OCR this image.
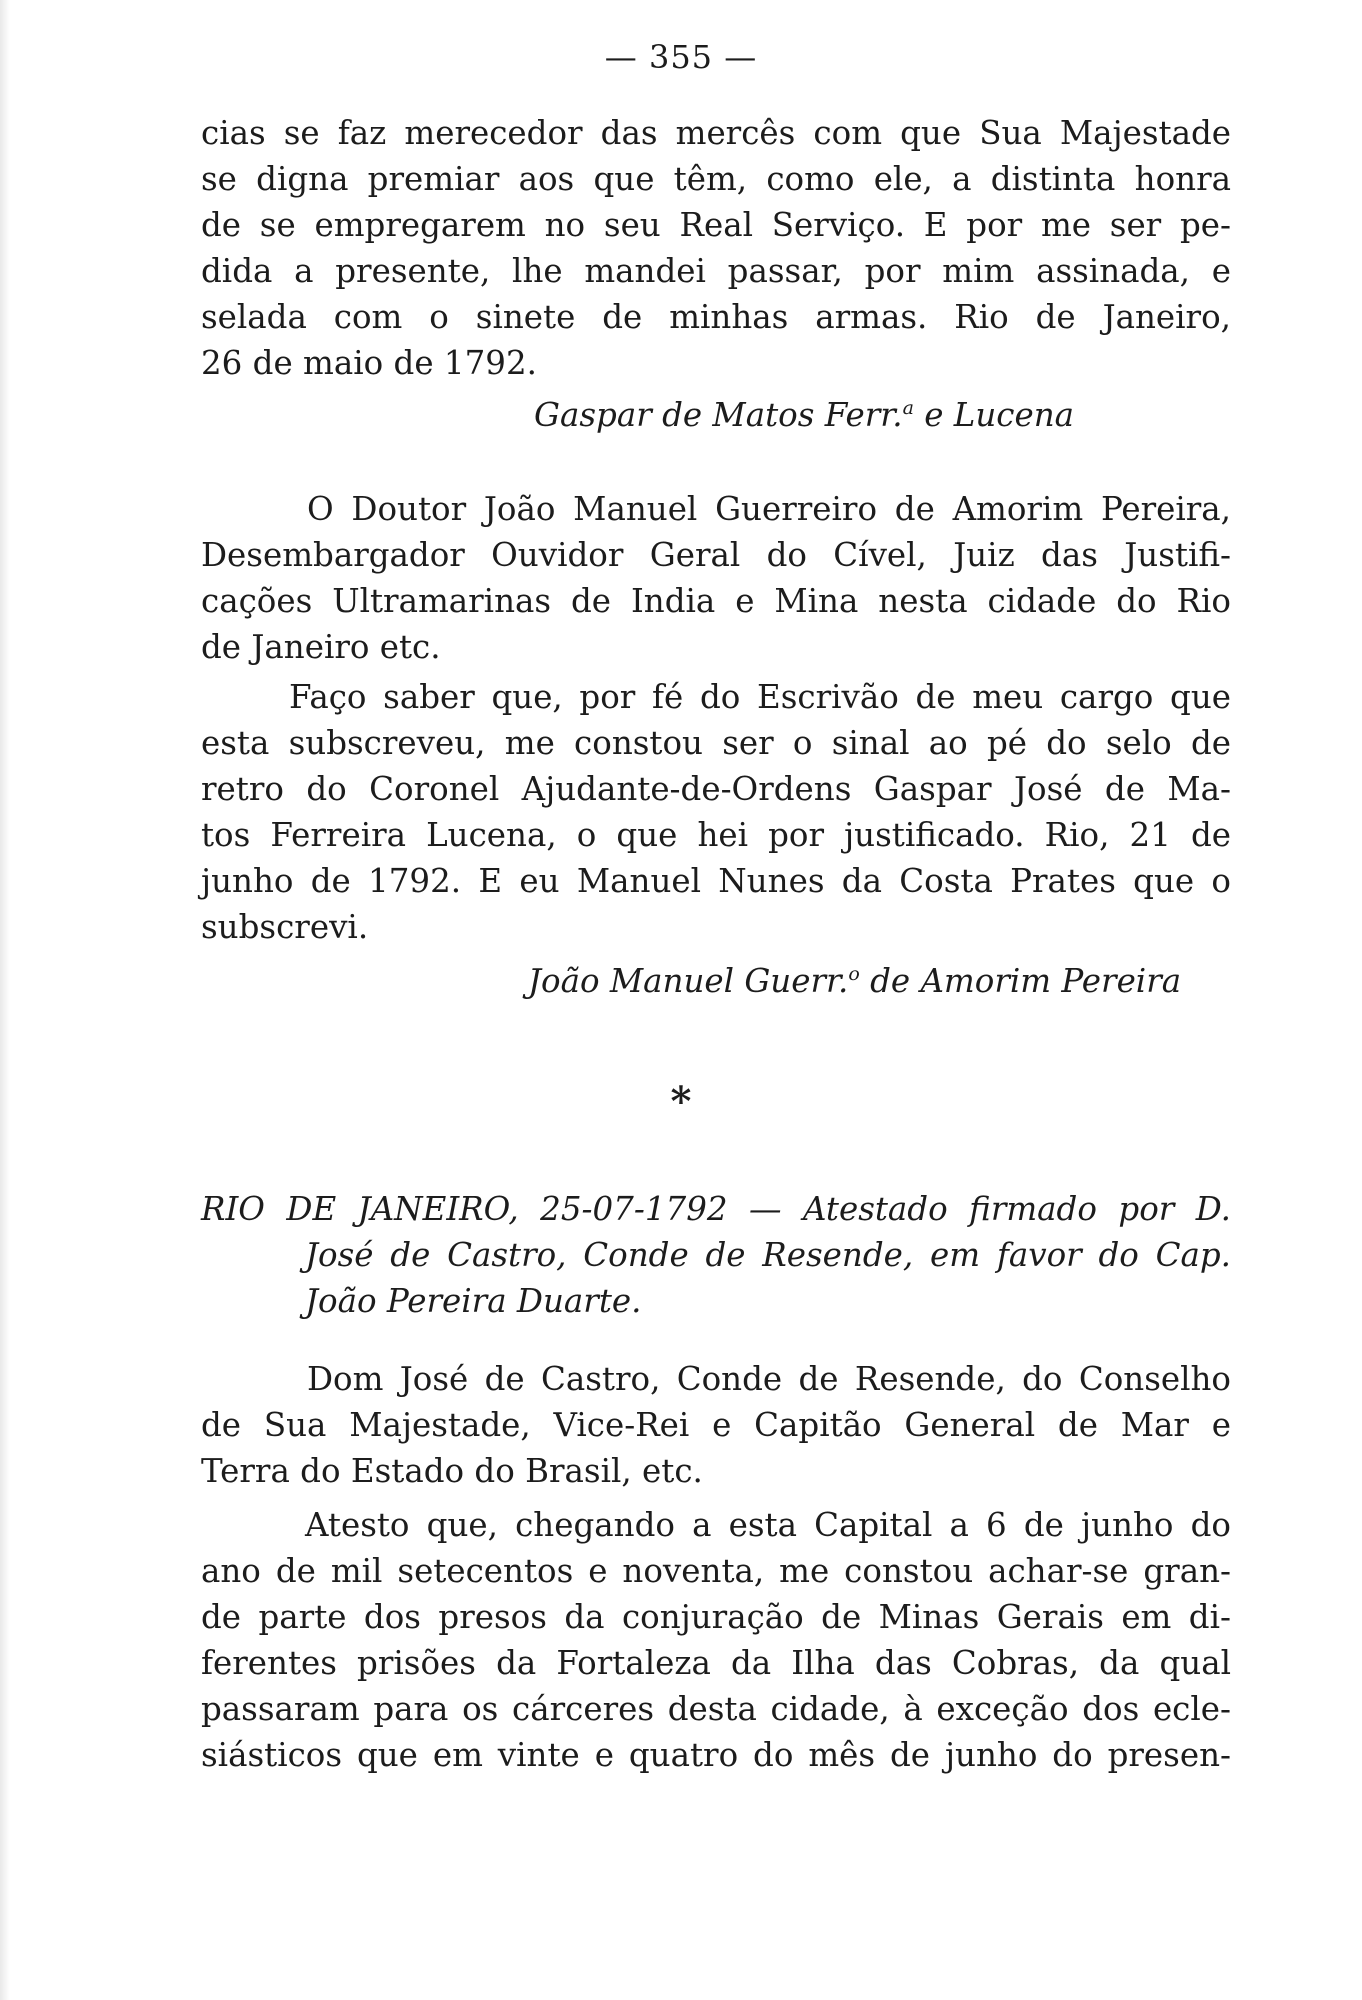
— 355 —
cias se faz merecedor das mercês com que Sua Majestade
se digna premiar aos que têm, como ele, a distinta honra
de se empregarem no seu Real Serviço. E por me ser pe-
dida a presente, lhe mandei passar, por mim assinada, e
selada com o sinete de minhas armas. Rio de Janeiro,
26 de maio de 1792.
Gaspar de Matos Ferr.$^a$ e Lucena
O Doutor João Manuel Guerreiro de Amorim Pereira,
Desembargador Ouvidor Geral do Cível, Juiz das Justifi-
cações Ultramarinas de India e Mina nesta cidade do Rio
de Janeiro etc.
Faço saber que, por fé do Escrivão de meu cargo que
esta subscreveu, me constou ser o sinal ao pé do selo de
retro do Coronel Ajudante-de-Ordens Gaspar José de Ma-
tos Ferreira Lucena, o que hei por justificado. Rio, 21 de
junho de 1792. E eu Manuel Nunes da Costa Prates que o
subscrevi.
João Manuel Guerr.$^o$ de Amorim Pereira
*
RIO DE JANEIRO, 25-07-1792 — Atestado firmado por D.
José de Castro, Conde de Resende, em favor do Cap.
João Pereira Duarte.
Dom José de Castro, Conde de Resende, do Conselho
de Sua Majestade, Vice-Rei e Capitão General de Mar e
Terra do Estado do Brasil, etc.
Atesto que, chegando a esta Capital a 6 de junho do
ano de mil setecentos e noventa, me constou achar-se gran-
de parte dos presos da conjuração de Minas Gerais em di-
ferentes prisões da Fortaleza da Ilha das Cobras, da qual
passaram para os cárceres desta cidade, à exceção dos ecle-
siásticos que em vinte e quatro do mês de junho do presen-
